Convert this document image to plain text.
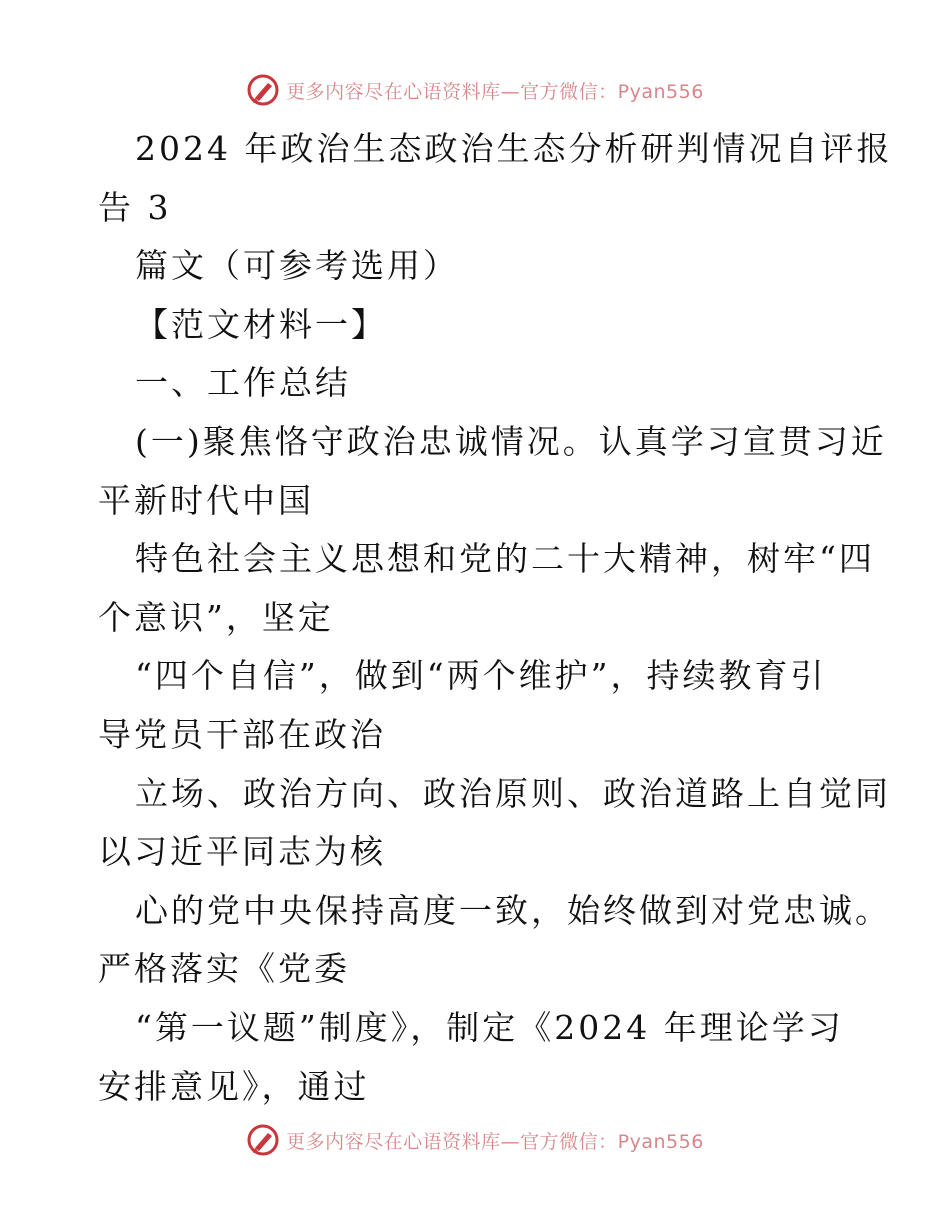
更多内容尽在心语资料库—官方微信：Pyan556
2024 年政治生态政治生态分析研判情况自评报
告 3
篇文（可参考选用）
【范文材料一】
一、工作总结
(一)聚焦恪守政治忠诚情况。认真学习宣贯习近
平新时代中国
特色社会主义思想和党的二十大精神，树牢“四
个意识”，坚定
“四个自信”，做到“两个维护”，持续教育引
导党员干部在政治
立场、政治方向、政治原则、政治道路上自觉同
以习近平同志为核
心的党中央保持高度一致，始终做到对党忠诚。
严格落实《党委
“第一议题”制度》，制定《2024 年理论学习
安排意见》，通过
更多内容尽在心语资料库—官方微信：Pyan556
